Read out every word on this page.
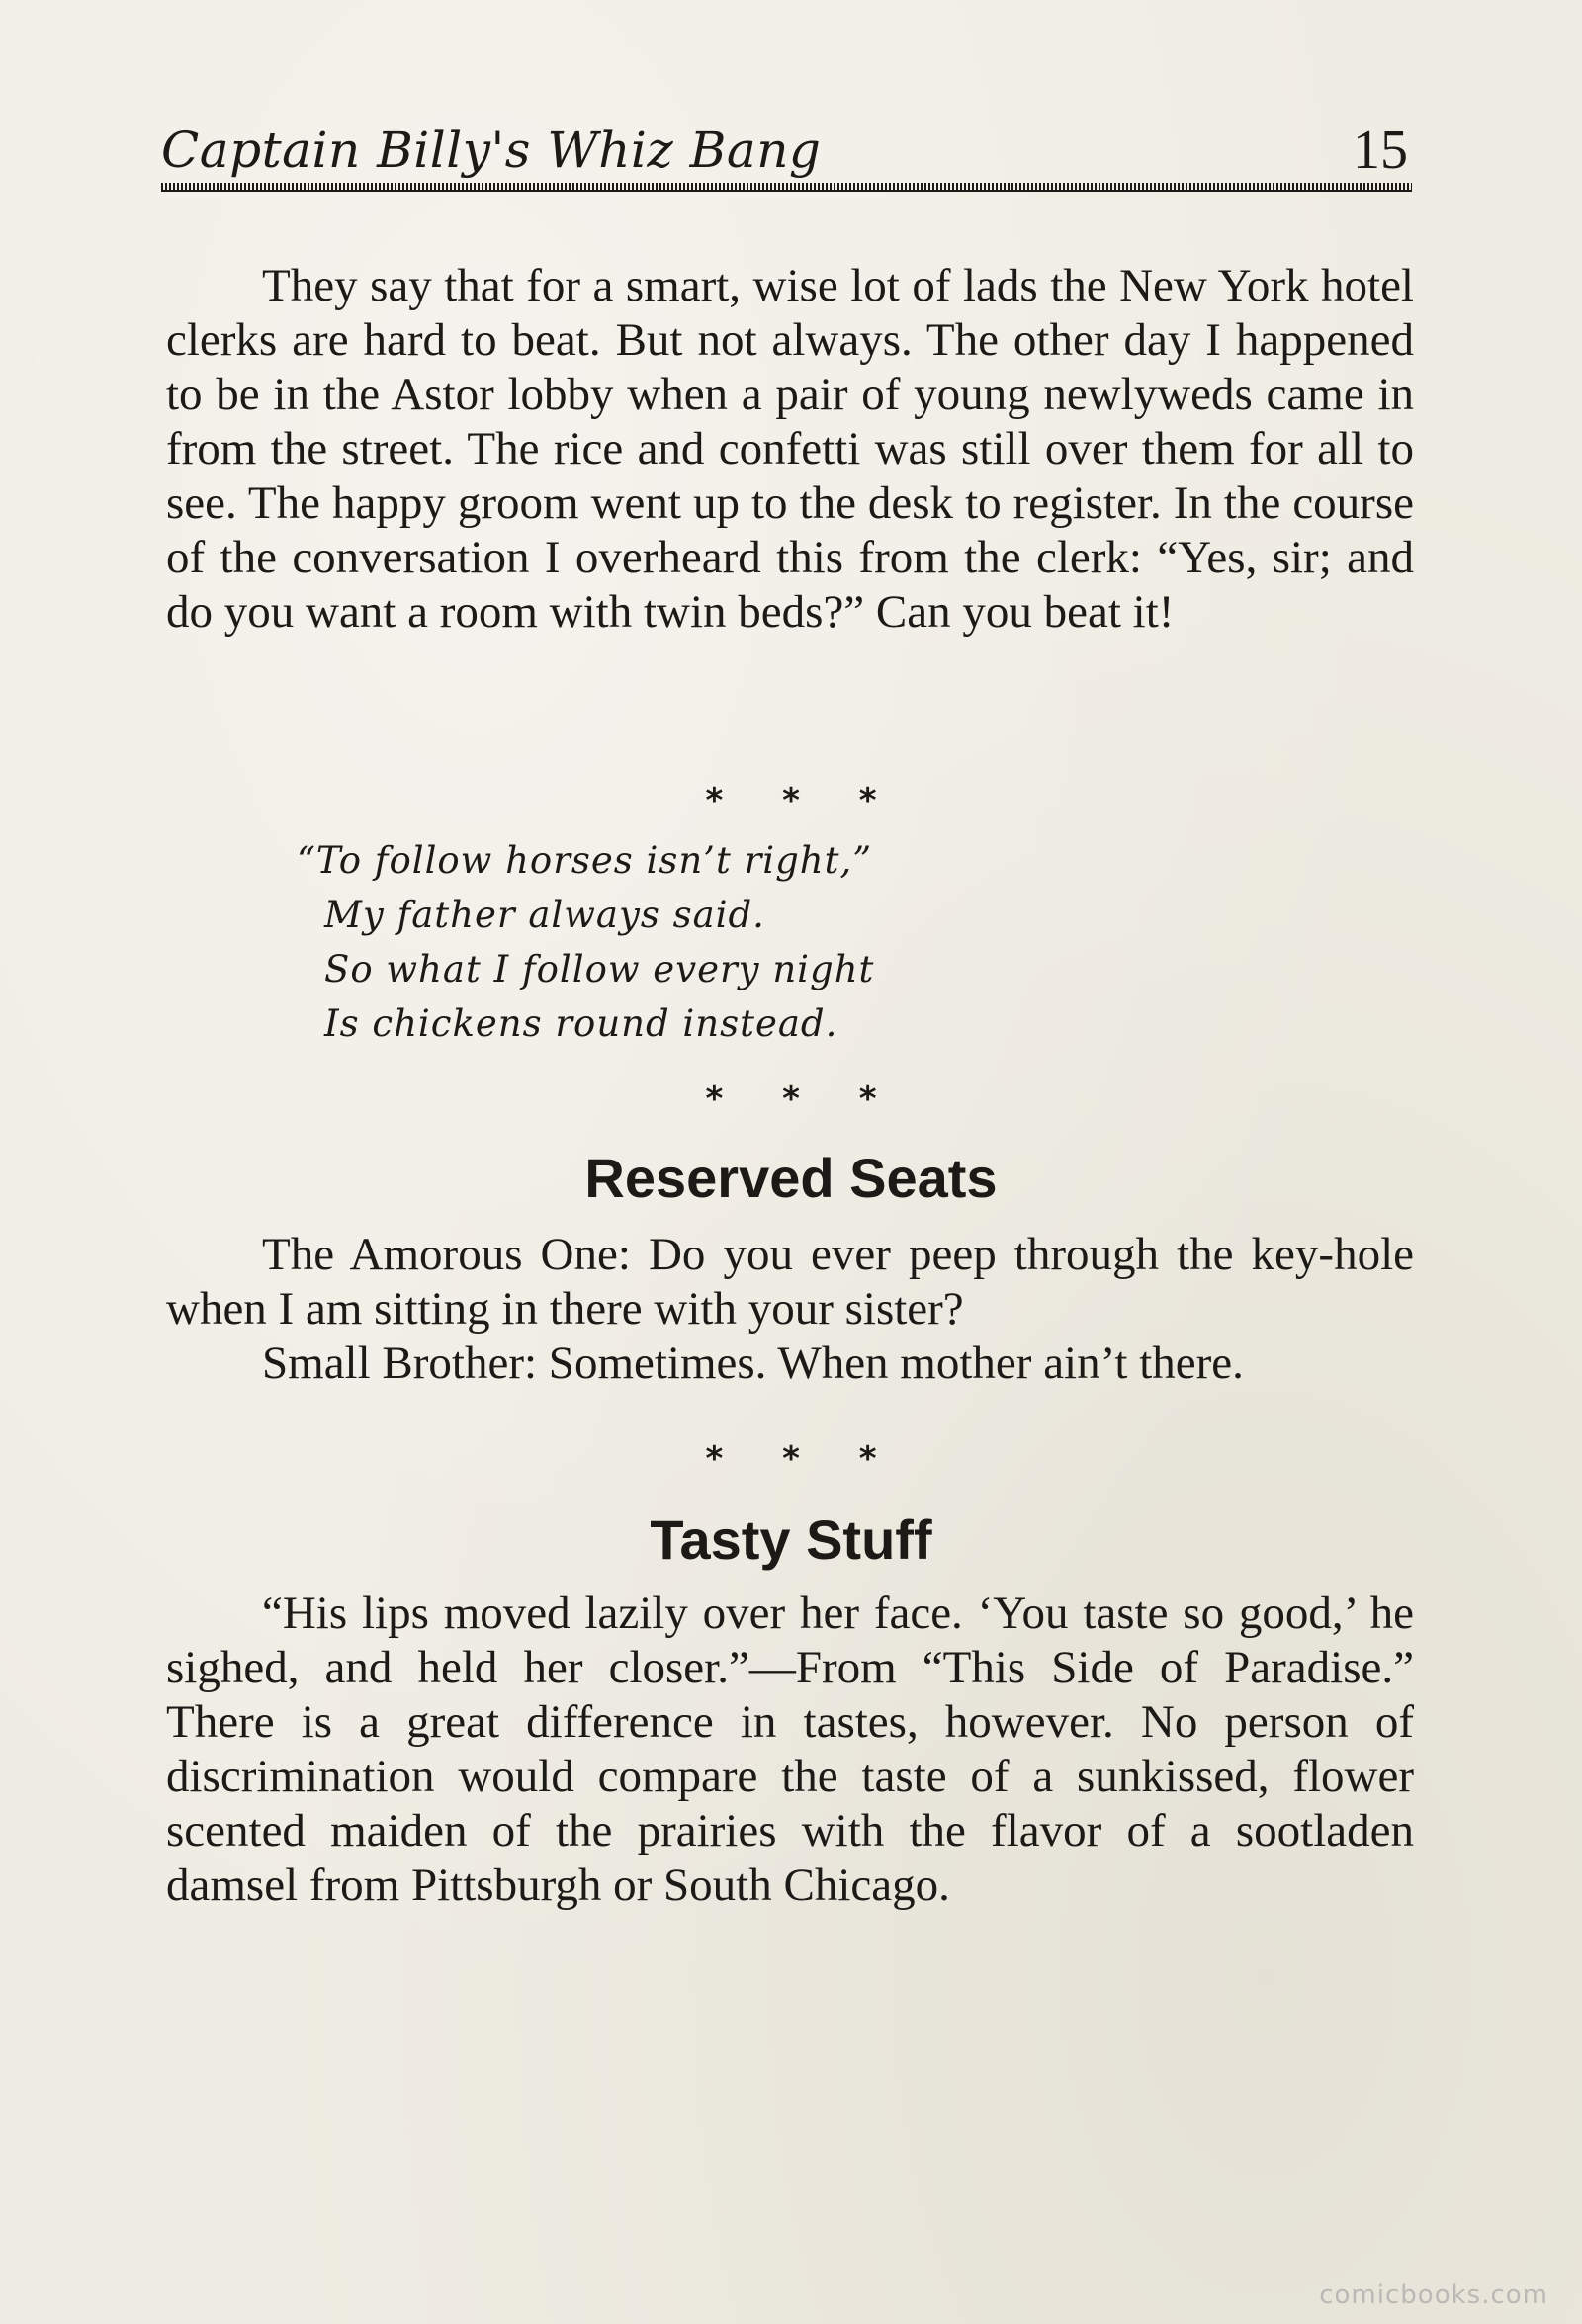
Captain Billy's Whiz Bang	15
They say that for a smart, wise lot of lads the New York hotel clerks are hard to beat. But not always. The other day I happened to be in the Astor lobby when a pair of young newlyweds came in from the street. The rice and confetti was still over them for all to see. The happy groom went up to the desk to register. In the course of the conversation I overheard this from the clerk: “Yes, sir; and do you want a room with twin beds?” Can you beat it!
* * *
“To follow horses isn’t right,”
My father always said.
So what I follow every night
Is chickens round instead.
* * *
Reserved Seats
The Amorous One: Do you ever peep through the key-hole when I am sitting in there with your sister?
Small Brother: Sometimes. When mother ain’t there.
* * *
Tasty Stuff
“His lips moved lazily over her face. ‘You taste so good,’ he sighed, and held her closer.”—From “This Side of Paradise.” There is a great difference in tastes, however. No person of discrimination would compare the taste of a sunkissed, flower scented maiden of the prairies with the flavor of a sootladen damsel from Pittsburgh or South Chicago.
comicbooks.com
